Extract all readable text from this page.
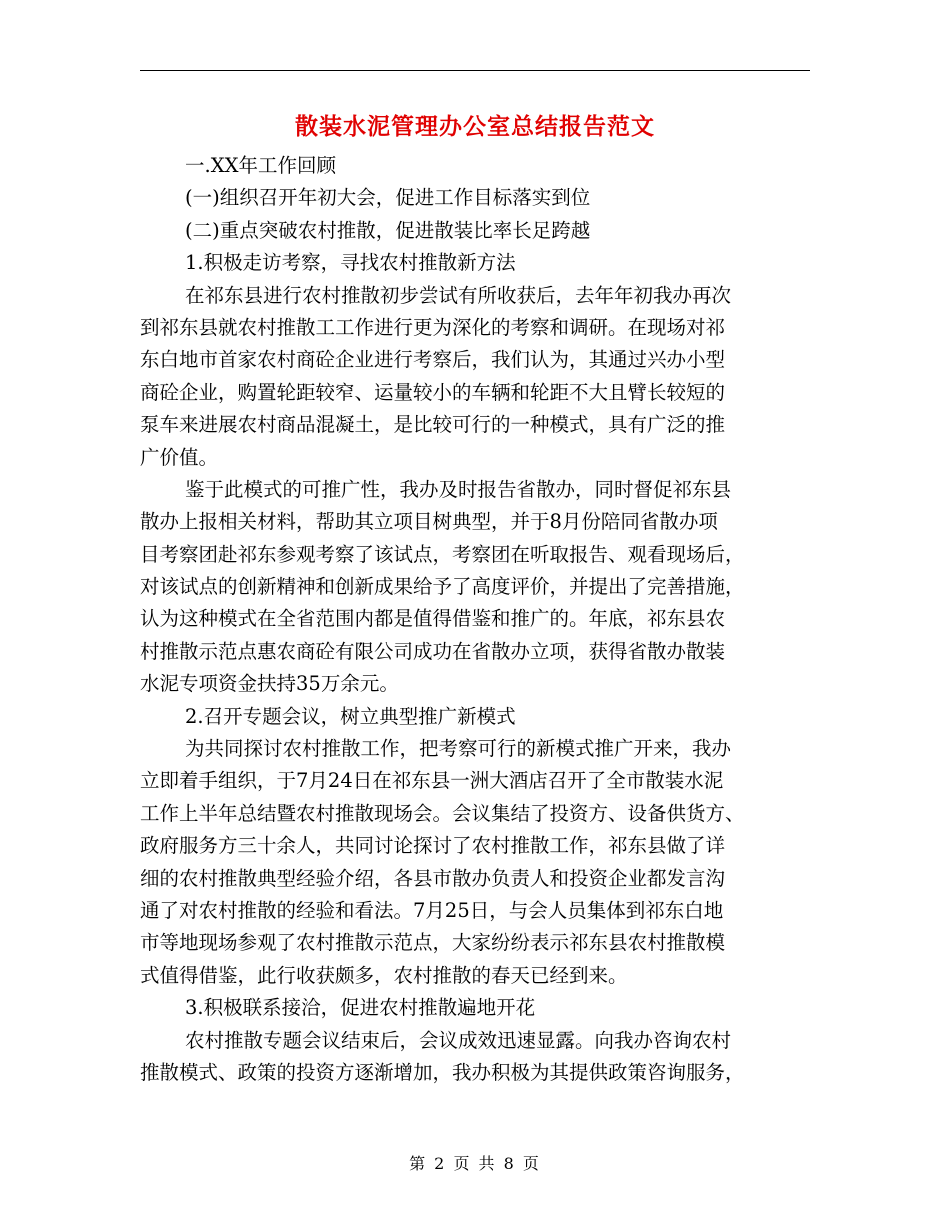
散装水泥管理办公室总结报告范文
一.XX年工作回顾
(一)组织召开年初大会，促进工作目标落实到位
(二)重点突破农村推散，促进散装比率长足跨越
1.积极走访考察，寻找农村推散新方法
在祁东县进行农村推散初步尝试有所收获后，去年年初我办再次
到祁东县就农村推散工工作进行更为深化的考察和调研。在现场对祁
东白地市首家农村商砼企业进行考察后，我们认为，其通过兴办小型
商砼企业，购置轮距较窄、运量较小的车辆和轮距不大且臂长较短的
泵车来进展农村商品混凝土，是比较可行的一种模式，具有广泛的推
广价值。
鉴于此模式的可推广性，我办及时报告省散办，同时督促祁东县
散办上报相关材料，帮助其立项目树典型，并于8月份陪同省散办项
目考察团赴祁东参观考察了该试点，考察团在听取报告、观看现场后，
对该试点的创新精神和创新成果给予了高度评价，并提出了完善措施，
认为这种模式在全省范围内都是值得借鉴和推广的。年底，祁东县农
村推散示范点惠农商砼有限公司成功在省散办立项，获得省散办散装
水泥专项资金扶持35万余元。
2.召开专题会议，树立典型推广新模式
为共同探讨农村推散工作，把考察可行的新模式推广开来，我办
立即着手组织，于7月24日在祁东县一洲大酒店召开了全市散装水泥
工作上半年总结暨农村推散现场会。会议集结了投资方、设备供货方、
政府服务方三十余人，共同讨论探讨了农村推散工作，祁东县做了详
细的农村推散典型经验介绍，各县市散办负责人和投资企业都发言沟
通了对农村推散的经验和看法。7月25日，与会人员集体到祁东白地
市等地现场参观了农村推散示范点，大家纷纷表示祁东县农村推散模
式值得借鉴，此行收获颇多，农村推散的春天已经到来。
3.积极联系接洽，促进农村推散遍地开花
农村推散专题会议结束后，会议成效迅速显露。向我办咨询农村
推散模式、政策的投资方逐渐增加，我办积极为其提供政策咨询服务，
第 2 页 共 8 页
